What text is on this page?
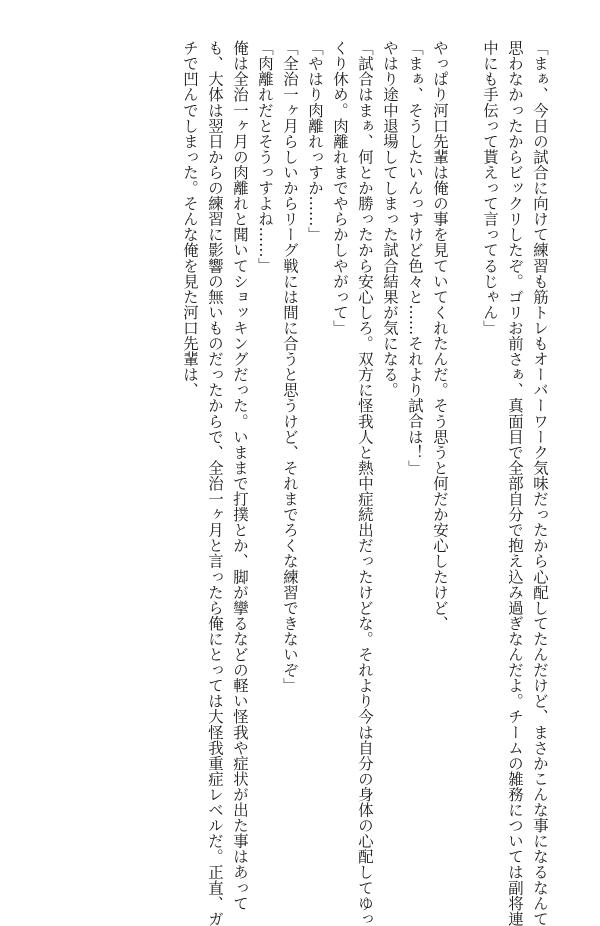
「まぁ、今日の試合に向けて練習も筋トレもオーバーワーク気味だったから心配してたんだけど、まさかこんな事になるなんて

思わなかったからビックリしたぞ。ゴリお前さぁ、真面目で全部自分で抱え込み過ぎなんだよ。チームの雑務については副将連

中にも手伝って貰えって言ってるじゃん」

やっぱり河口先輩は俺の事を見ていてくれたんだ。そう思うと何だか安心したけど、

「まぁ、そうしたいんっすけど色々と……それより試合は！」

やはり途中退場してしまった試合結果が気になる。

「試合はまぁ、何とか勝ったから安心しろ。双方に怪我人と熱中症続出だったけどな。それより今は自分の身体の心配してゆっ

くり休め。肉離れまでやらかしやがって」

「やはり肉離れっすか……」

「全治一ヶ月らしいからリーグ戦には間に合うと思うけど、それまでろくな練習できないぞ」

「肉離れだとそうっすよね……」

俺は全治一ヶ月の肉離れと聞いてショッキングだった。いままで打撲とか、脚が攣るなどの軽い怪我や症状が出た事はあって

も、大体は翌日からの練習に影響の無いものだったからで、全治一ヶ月と言ったら俺にとっては大怪我重症レベルだ。正直、ガ

チで凹んでしまった。そんな俺を見た河口先輩は、
